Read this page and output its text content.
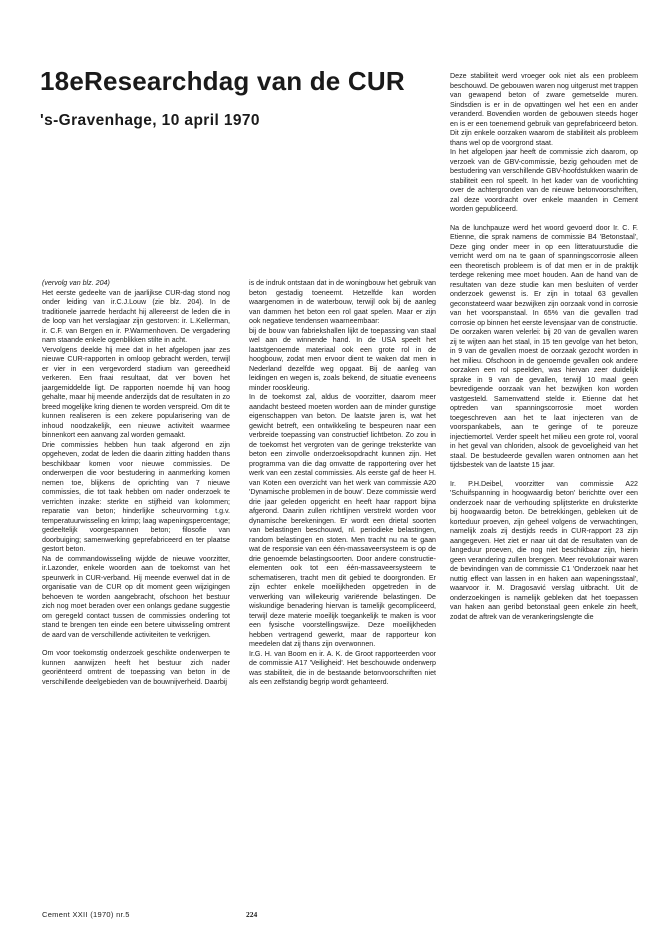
18eResearchdag van de CUR
's-Gravenhage, 10 april 1970

(vervolg van blz. 204)

Het eerste gedeelte van de jaarlijkse CUR-dag stond nog onder leiding van ir.C.J.Louw (zie blz. 204). In de traditionele jaarrede herdacht hij allereerst de leden die in de loop van het verslagjaar zijn gestorven: ir. L.Kellerman, ir. C.F. van Bergen en ir. P.Warmenhoven. De vergadering nam staande enkele ogenblikken stilte in acht.

Vervolgens deelde hij mee dat in het afgelopen jaar zes nieuwe CUR-rapporten in omloop gebracht werden, terwijl er vier in een vergevorderd stadium van gereedheid verkeren. Een fraai resultaat, dat ver boven het jaargemiddelde ligt. De rapporten noemde hij van hoog gehalte, maar hij meende anderzijds dat de resultaten in zo breed mogelijke kring dienen te worden verspreid. Om dit te kunnen realiseren is een zekere popularisering van de inhoud noodzakelijk, een nieuwe activiteit waarmee binnenkort een aanvang zal worden gemaakt.

Drie commissies hebben hun taak afgerond en zijn opgeheven, zodat de leden die daarin zitting hadden thans beschikbaar komen voor nieuwe commissies. De onderwerpen die voor bestudering in aanmerking komen nemen toe, blijkens de oprichting van 7 nieuwe commissies, die tot taak hebben om nader onderzoek te verrichten inzake: sterkte en stijfheid van kolommen; reparatie van beton; hinderlijke scheurvorming t.g.v. temperatuurwisseling en krimp; laag wapeningspercentage; gedeeltelijk voorgespannen beton; filosofie van doorbuiging; samenwerking geprefabriceerd en ter plaatse gestort beton.

Na de commandowisseling wijdde de nieuwe voorzitter, ir.Lazonder, enkele woorden aan de toekomst van het speurwerk in CUR-verband. Hij meende evenwel dat in de organisatie van de CUR op dit moment geen wijzigingen behoeven te worden aangebracht, ofschoon het bestuur zich nog moet beraden over een onlangs gedane suggestie om geregeld contact tussen de commissies onderling tot stand te brengen ten einde een betere uitwisseling omtrent de aard van de verschillende activiteiten te verkrijgen.

Om voor toekomstig onderzoek geschikte onderwerpen te kunnen aanwijzen heeft het bestuur zich nader georiënteerd omtrent de toepassing van beton in de verschillende deelgebieden van de bouwnijverheid. Daarbij

is de indruk ontstaan dat in de woningbouw het gebruik van beton gestadig toeneemt. Hetzelfde kan worden waargenomen in de waterbouw, terwijl ook bij de aanleg van dammen het beton een rol gaat spelen. Maar er zijn ook negatieve tendensen waarneembaar:

bij de bouw van fabriekshallen lijkt de toepassing van staal wel aan de winnende hand. In de USA speelt het laatstgenoemde materiaal ook een grote rol in de hoogbouw, zodat men ervoor dient te waken dat men in Nederland dezelfde weg opgaat. Bij de aanleg van leidingen en wegen is, zoals bekend, de situatie eveneens minder rooskleurig.

In de toekomst zal, aldus de voorzitter, daarom meer aandacht besteed moeten worden aan de minder gunstige eigenschappen van beton. De laatste jaren is, wat het gewicht betreft, een ontwikkeling te bespeuren naar een verbreide toepassing van constructief lichtbeton. Zo zou in de toekomst het vergroten van de geringe treksterkte van beton een zinvolle onderzoeksopdracht kunnen zijn. Het programma van die dag omvatte de rapportering over het werk van een zestal commissies. Als eerste gaf de heer H. van Koten een overzicht van het werk van commissie A20 'Dynamische problemen in de bouw'. Deze commissie werd drie jaar geleden opgericht en heeft haar rapport bijna afgerond. Daarin zullen richtlijnen verstrekt worden voor dynamische berekeningen. Er wordt een drietal soorten van belastingen beschouwd, nl. periodieke belastingen, random belastingen en stoten. Men tracht nu na te gaan wat de responsie van een één-massaveersysteem is op de drie genoemde belastingsoorten. Door andere constructie-elementen ook tot een één-massaveersysteem te schematiseren, tracht men dit gebied te doorgronden. Er zijn echter enkele moeilijkheden opgetreden in de verwerking van willekeurig variërende belastingen. De wiskundige benadering hiervan is tamelijk gecompliceerd, terwijl deze materie moeilijk toegankelijk te maken is voor een fysische voorstellingswijze. Deze moeilijkheden hebben vertragend gewerkt, maar de rapporteur kon meedelen dat zij thans zijn overwonnen.

Ir.G. H. van Boom en ir. A. K. de Groot rapporteerden voor de commissie A17 'Veiligheid'. Het beschouwde onderwerp was stabiliteit, die in de bestaande betonvoorschriften niet als een zelfstandig begrip wordt gehanteerd.

Deze stabiliteit werd vroeger ook niet als een probleem beschouwd. De gebouwen waren nog uitgerust met trappen van gewapend beton of zware gemetselde muren. Sindsdien is er in de opvattingen wel het een en ander veranderd. Bovendien worden de gebouwen steeds hoger en is er een toenemend gebruik van geprefabriceerd beton. Dit zijn enkele oorzaken waarom de stabiliteit als probleem thans wel op de voorgrond staat.

In het afgelopen jaar heeft de commissie zich daarom, op verzoek van de GBV-commissie, bezig gehouden met de bestudering van verschillende GBV-hoofdstukken waarin de stabiliteit een rol speelt. In het kader van de voorlichting over de achtergronden van de nieuwe betonvoorschriften, zal deze voordracht over enkele maanden in Cement worden gepubliceerd.

Na de lunchpauze werd het woord gevoerd door Ir. C. F. Etienne, die sprak namens de commissie B4 'Betonstaal', Deze ging onder meer in op een litteratuurstudie die verricht werd om na te gaan of spanningscorrosie alleen een theoretisch probleem is of dat men er in de praktijk terdege rekening mee moet houden. Aan de hand van de resultaten van deze studie kan men besluiten of verder onderzoek gewenst is. Er zijn in totaal 63 gevallen geconstateerd waar bezwijken zijn oorzaak vond in corrosie van het voorspanstaal. In 65% van die gevallen trad corrosie op binnen het eerste levensjaar van de constructie.

De oorzaken waren velerlei: bij 20 van de gevallen waren zij te wijten aan het staal, in 15 ten gevolge van het beton, in 9 van de gevallen moest de oorzaak gezocht worden in het milieu. Ofschoon in de genoemde gevallen ook andere oorzaken een rol speelden, was hiervan zeer duidelijk sprake in 9 van de gevallen, terwijl 10 maal geen bevredigende oorzaak van het bezwijken kon worden vastgesteld. Samenvattend stelde ir. Etienne dat het optreden van spanningscorrosie moet worden toegeschreven aan het te laat injecteren van de voorspankabels, aan te geringe of te poreuze injectiemortel. Verder speelt het milieu een grote rol, vooral in het geval van chloriden, alsook de gevoeligheid van het staal. De bestudeerde gevallen waren ontnomen aan het tijdsbestek van de laatste 15 jaar.

Ir. P.H.Deibel, voorzitter van commissie A22 'Schuifspanning in hoogwaardig beton' berichtte over een onderzoek naar de verhouding splijtsterkte en druksterkte bij hoogwaardig beton. De betrekkingen, gebleken uit de korteduur proeven, zijn geheel volgens de verwachtingen, namelijk zoals zij destijds reeds in CUR-rapport 23 zijn aangegeven. Het ziet er naar uit dat de resultaten van de langeduur proeven, die nog niet beschikbaar zijn, hierin geen verandering zullen brengen. Meer revolutionair waren de bevindingen van de commissie C1 'Onderzoek naar het nuttig effect van lassen in en haken aan wapeningsstaal', waarvoor ir. M. Dragosavić verslag uitbracht. Uit de onderzoekingen is namelijk gebleken dat het toepassen van haken aan geribd betonstaal geen enkele zin heeft, zodat de aftrek van de verankeringslengte die

Cement XXII (1970) nr.5	224
